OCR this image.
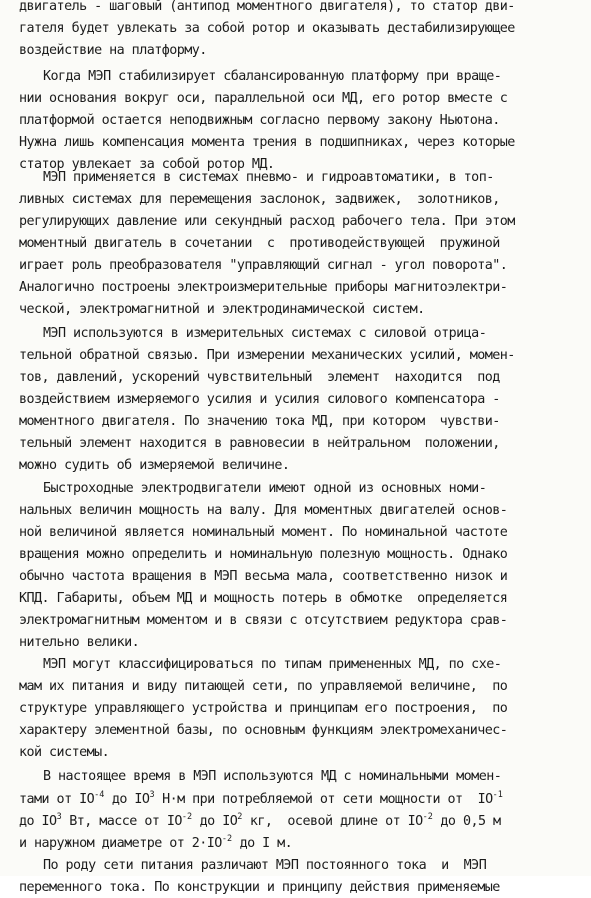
двигатель - шаговый (антипод моментного двигателя), то статор дви-
гателя будет увлекать за собой ротор и оказывать дестабилизирующее
воздействие на платформу.
Когда МЭП стабилизирует сбалансированную платформу при враще-
нии основания вокруг оси, параллельной оси МД, его ротор вместе с
платформой остается неподвижным согласно первому закону Ньютона.
Нужна лишь компенсация момента трения в подшипниках, через которые
статор увлекает за собой ротор МД.
МЭП применяется в системах пневмо- и гидроавтоматики, в топ-
ливных системах для перемещения заслонок, задвижек,  золотников,
регулирующих давление или секундный расход рабочего тела. При этом
моментный двигатель в сочетании  с  противодействующей  пружиной
играет роль преобразователя "управляющий сигнал - угол поворота".
Аналогично построены электроизмерительные приборы магнитоэлектри-
ческой, электромагнитной и электродинамической систем.
МЭП используются в измерительных системах с силовой отрица-
тельной обратной связью. При измерении механических усилий, момен-
тов, давлений, ускорений чувствительный  элемент  находится  под
воздействием измеряемого усилия и усилия силового компенсатора -
моментного двигателя. По значению тока МД, при котором  чувстви-
тельный элемент находится в равновесии в нейтральном  положении,
можно судить об измеряемой величине.
Быстроходные электродвигатели имеют одной из основных номи-
нальных величин мощность на валу. Для моментных двигателей основ-
ной величиной является номинальный момент. По номинальной частоте
вращения можно определить и номинальную полезную мощность. Однако
обычно частота вращения в МЭП весьма мала, соответственно низок и
КПД. Габариты, объем МД и мощность потерь в обмотке  определяется
электромагнитным моментом и в связи с отсутствием редуктора срав-
нительно велики.
МЭП могут классифицироваться по типам примененных МД, по схе-
мам их питания и виду питающей сети, по управляемой величине,  по
структуре управляющего устройства и принципам его построения,  по
характеру элементной базы, по основным функциям электромеханичес-
кой системы.
В настоящее время в МЭП используются МД с номинальными момен-
тами от $IO^{-4}$ до $IO^3$ Н·м при потребляемой от сети мощности от  $IO^{-1}$
до $IO^3$ Вт, массе от $IO^{-2}$ до $IO^2$ кг,  осевой длине от $IO^{-2}$ до 0,5 м
и наружном диаметре от $2\cdot IO^{-2}$ до I м.
По роду сети питания различают МЭП постоянного тока  и  МЭП
переменного тока. По конструкции и принципу действия применяемые
